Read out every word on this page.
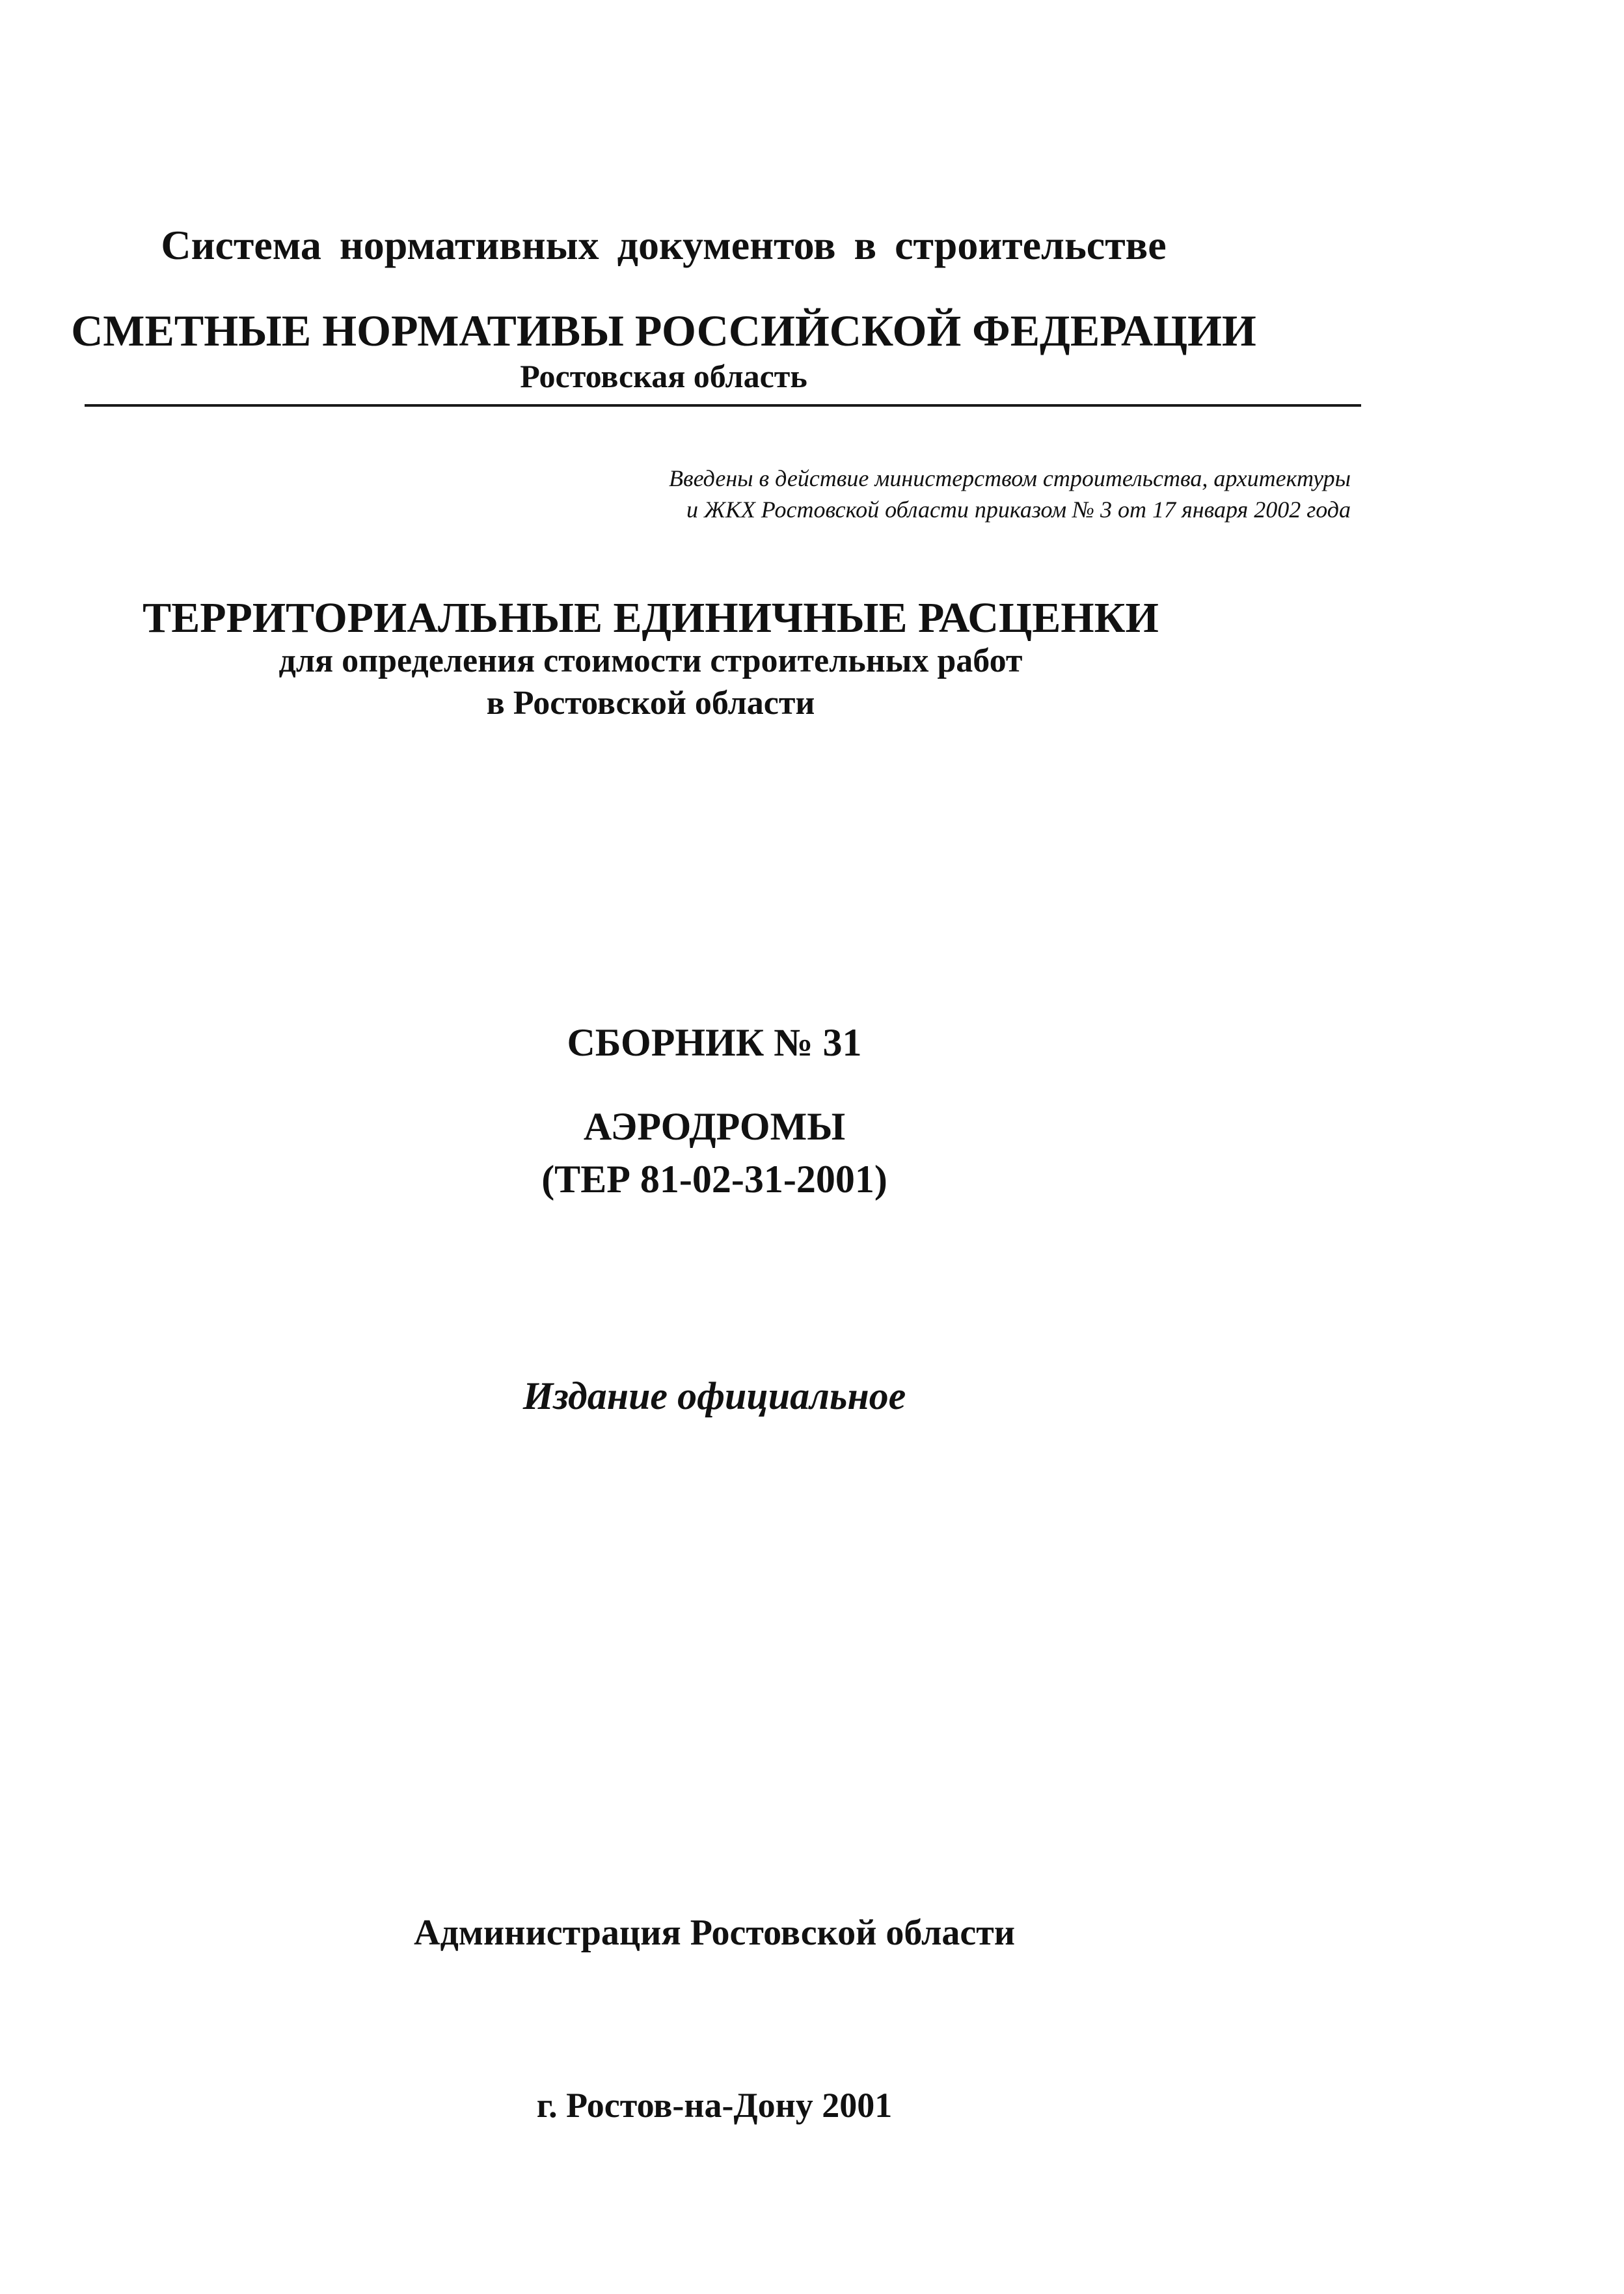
Система нормативных документов в строительстве
СМЕТНЫЕ НОРМАТИВЫ РОССИЙСКОЙ ФЕДЕРАЦИИ
Ростовская область
Введены в действие министерством строительства, архитектуры
и ЖКХ Ростовской области приказом № 3 от 17 января 2002 года
ТЕРРИТОРИАЛЬНЫЕ ЕДИНИЧНЫЕ РАСЦЕНКИ
для определения стоимости строительных работ
в Ростовской области
СБОРНИК № 31
АЭРОДРОМЫ
(ТЕР 81-02-31-2001)
Издание официальное
Администрация Ростовской области
г. Ростов-на-Дону 2001
